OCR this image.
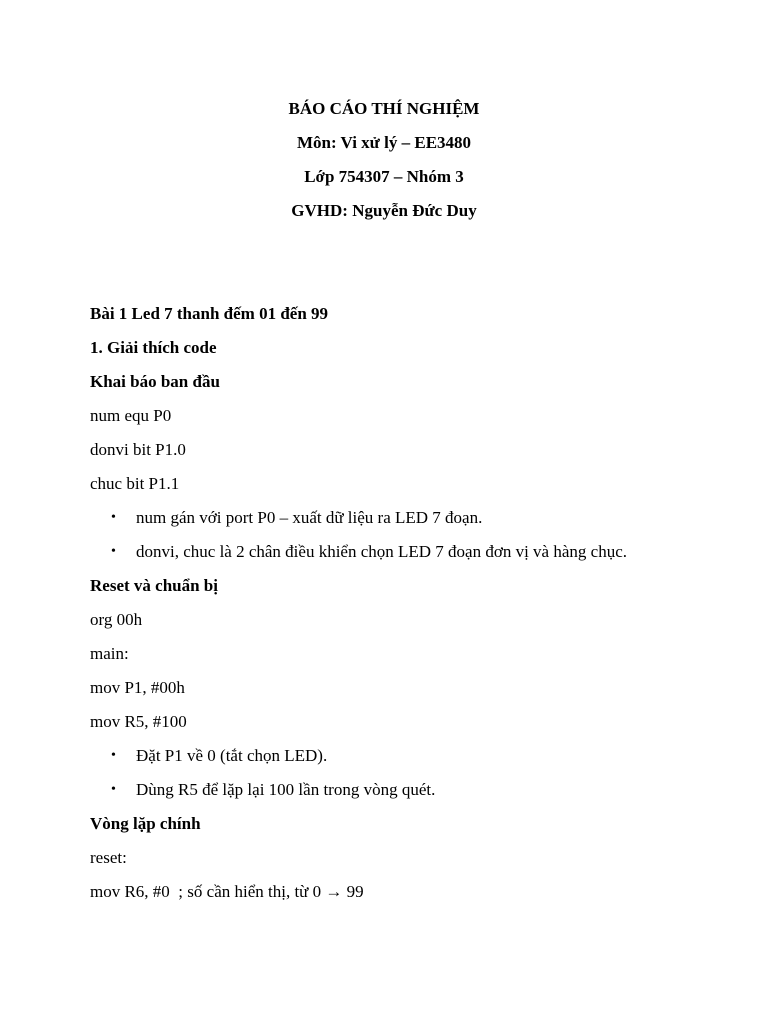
BÁO CÁO THÍ NGHIỆM
Môn: Vi xử lý – EE3480
Lớp 754307 – Nhóm 3
GVHD: Nguyễn Đức Duy
Bài 1 Led 7 thanh đếm 01 đến 99
1. Giải thích code
Khai báo ban đầu
num equ P0
donvi bit P1.0
chuc bit P1.1
• num gán với port P0 – xuất dữ liệu ra LED 7 đoạn.
• donvi, chuc là 2 chân điều khiển chọn LED 7 đoạn đơn vị và hàng chục.
Reset và chuẩn bị
org 00h
main:
mov P1, #00h
mov R5, #100
• Đặt P1 về 0 (tắt chọn LED).
• Dùng R5 để lặp lại 100 lần trong vòng quét.
Vòng lặp chính
reset:
mov R6, #0  ; số cần hiển thị, từ 0 → 99
